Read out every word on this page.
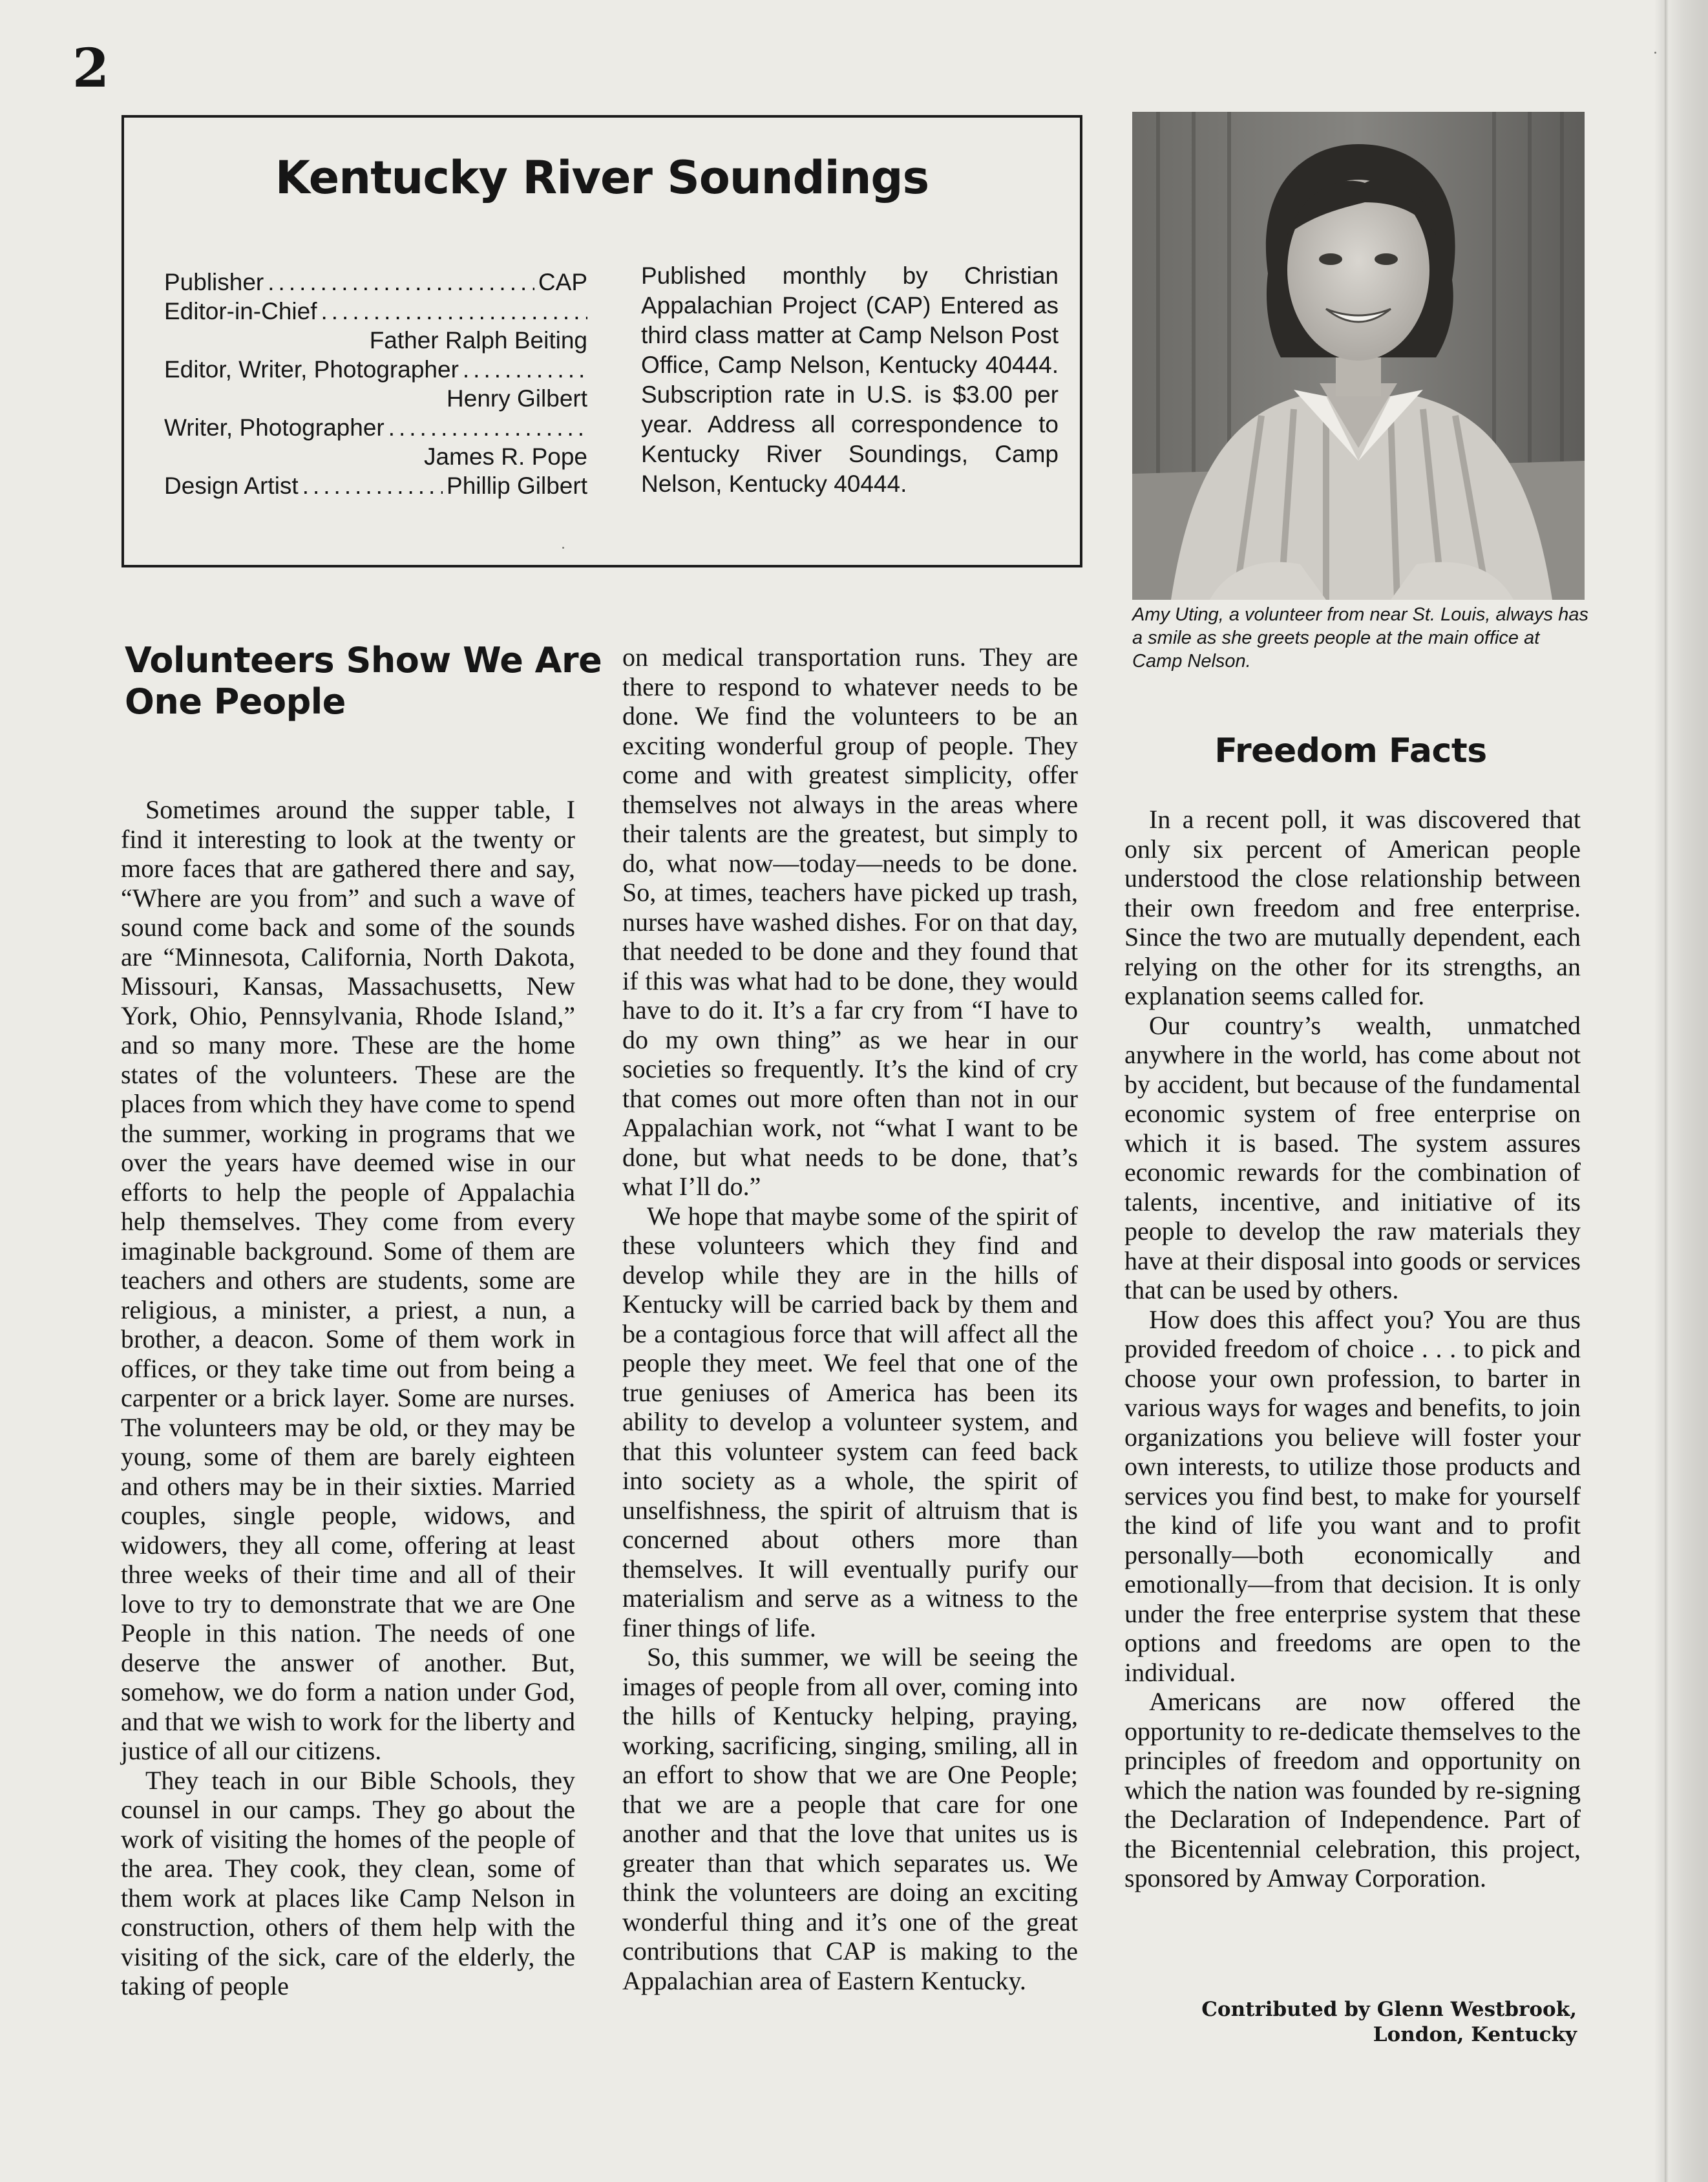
2
Kentucky River Soundings
Publisher .....	CAP
Editor-in-Chief
.....
Father Ralph Beiting
Editor, Writer, Photographer
.....
Henry Gilbert
Writer, Photographer
.....
James R. Pope
Design Artist .....	Phillip Gilbert

Published monthly by Christian Appalachian Project (CAP) Entered as third class matter at Camp Nelson Post Office, Camp Nelson, Kentucky 40444. Subscription rate in U.S. is $3.00 per year. Address all correspondence to Kentucky River Soundings, Camp Nelson, Kentucky 40444.

Amy Uting, a volunteer from near St. Louis, always has a smile as she greets people at the main office at Camp Nelson.

Volunteers Show We Are
One People

Sometimes around the supper table, I find it interesting to look at the twenty or more faces that are gathered there and say, “Where are you from” and such a wave of sound come back and some of the sounds are “Minnesota, California, North Dakota, Missouri, Kansas, Massachusetts, New York, Ohio, Pennsylvania, Rhode Island,” and so many more. These are the home states of the volunteers. These are the places from which they have come to spend the summer, working in programs that we over the years have deemed wise in our efforts to help the people of Appalachia help themselves. They come from every imaginable background. Some of them are teachers and others are students, some are religious, a minister, a priest, a nun, a brother, a deacon. Some of them work in offices, or they take time out from being a carpenter or a brick layer. Some are nurses. The volunteers may be old, or they may be young, some of them are barely eighteen and others may be in their sixties. Married couples, single people, widows, and widowers, they all come, offering at least three weeks of their time and all of their love to try to demonstrate that we are One People in this nation. The needs of one deserve the answer of another. But, somehow, we do form a nation under God, and that we wish to work for the liberty and justice of all our citizens.

They teach in our Bible Schools, they counsel in our camps. They go about the work of visiting the homes of the people of the area. They cook, they clean, some of them work at places like Camp Nelson in construction, others of them help with the visiting of the sick, care of the elderly, the taking of people

on medical transportation runs. They are there to respond to whatever needs to be done. We find the volunteers to be an exciting wonderful group of people. They come and with greatest simplicity, offer themselves not always in the areas where their talents are the greatest, but simply to do, what now—today—needs to be done. So, at times, teachers have picked up trash, nurses have washed dishes. For on that day, that needed to be done and they found that if this was what had to be done, they would have to do it. It’s a far cry from “I have to do my own thing” as we hear in our societies so frequently. It’s the kind of cry that comes out more often than not in our Appalachian work, not “what I want to be done, but what needs to be done, that’s what I’ll do.”

We hope that maybe some of the spirit of these volunteers which they find and develop while they are in the hills of Kentucky will be carried back by them and be a contagious force that will affect all the people they meet. We feel that one of the true geniuses of America has been its ability to develop a volunteer system, and that this volunteer system can feed back into society as a whole, the spirit of unselfishness, the spirit of altruism that is concerned about others more than themselves. It will eventually purify our materialism and serve as a witness to the finer things of life.

So, this summer, we will be seeing the images of people from all over, coming into the hills of Kentucky helping, praying, working, sacrificing, singing, smiling, all in an effort to show that we are One People; that we are a people that care for one another and that the love that unites us is greater than that which separates us. We think the volunteers are doing an exciting wonderful thing and it’s one of the great contributions that CAP is making to the Appalachian area of Eastern Kentucky.

Freedom Facts

In a recent poll, it was discovered that only six percent of American people understood the close relationship between their own freedom and free enterprise. Since the two are mutually dependent, each relying on the other for its strengths, an explanation seems called for.

Our country’s wealth, unmatched anywhere in the world, has come about not by accident, but because of the fundamental economic system of free enterprise on which it is based. The system assures economic rewards for the combination of talents, incentive, and initiative of its people to develop the raw materials they have at their disposal into goods or services that can be used by others.

How does this affect you? You are thus provided freedom of choice . . . to pick and choose your own profession, to barter in various ways for wages and benefits, to join organizations you believe will foster your own interests, to utilize those products and services you find best, to make for yourself the kind of life you want and to profit personally—both economically and emotionally—from that decision. It is only under the free enterprise system that these options and freedoms are open to the individual.

Americans are now offered the opportunity to re-dedicate themselves to the principles of freedom and opportunity on which the nation was founded by re-signing the Declaration of Independence. Part of the Bicentennial celebration, this project, sponsored by Amway Corporation.

Contributed by Glenn Westbrook,
London, Kentucky
